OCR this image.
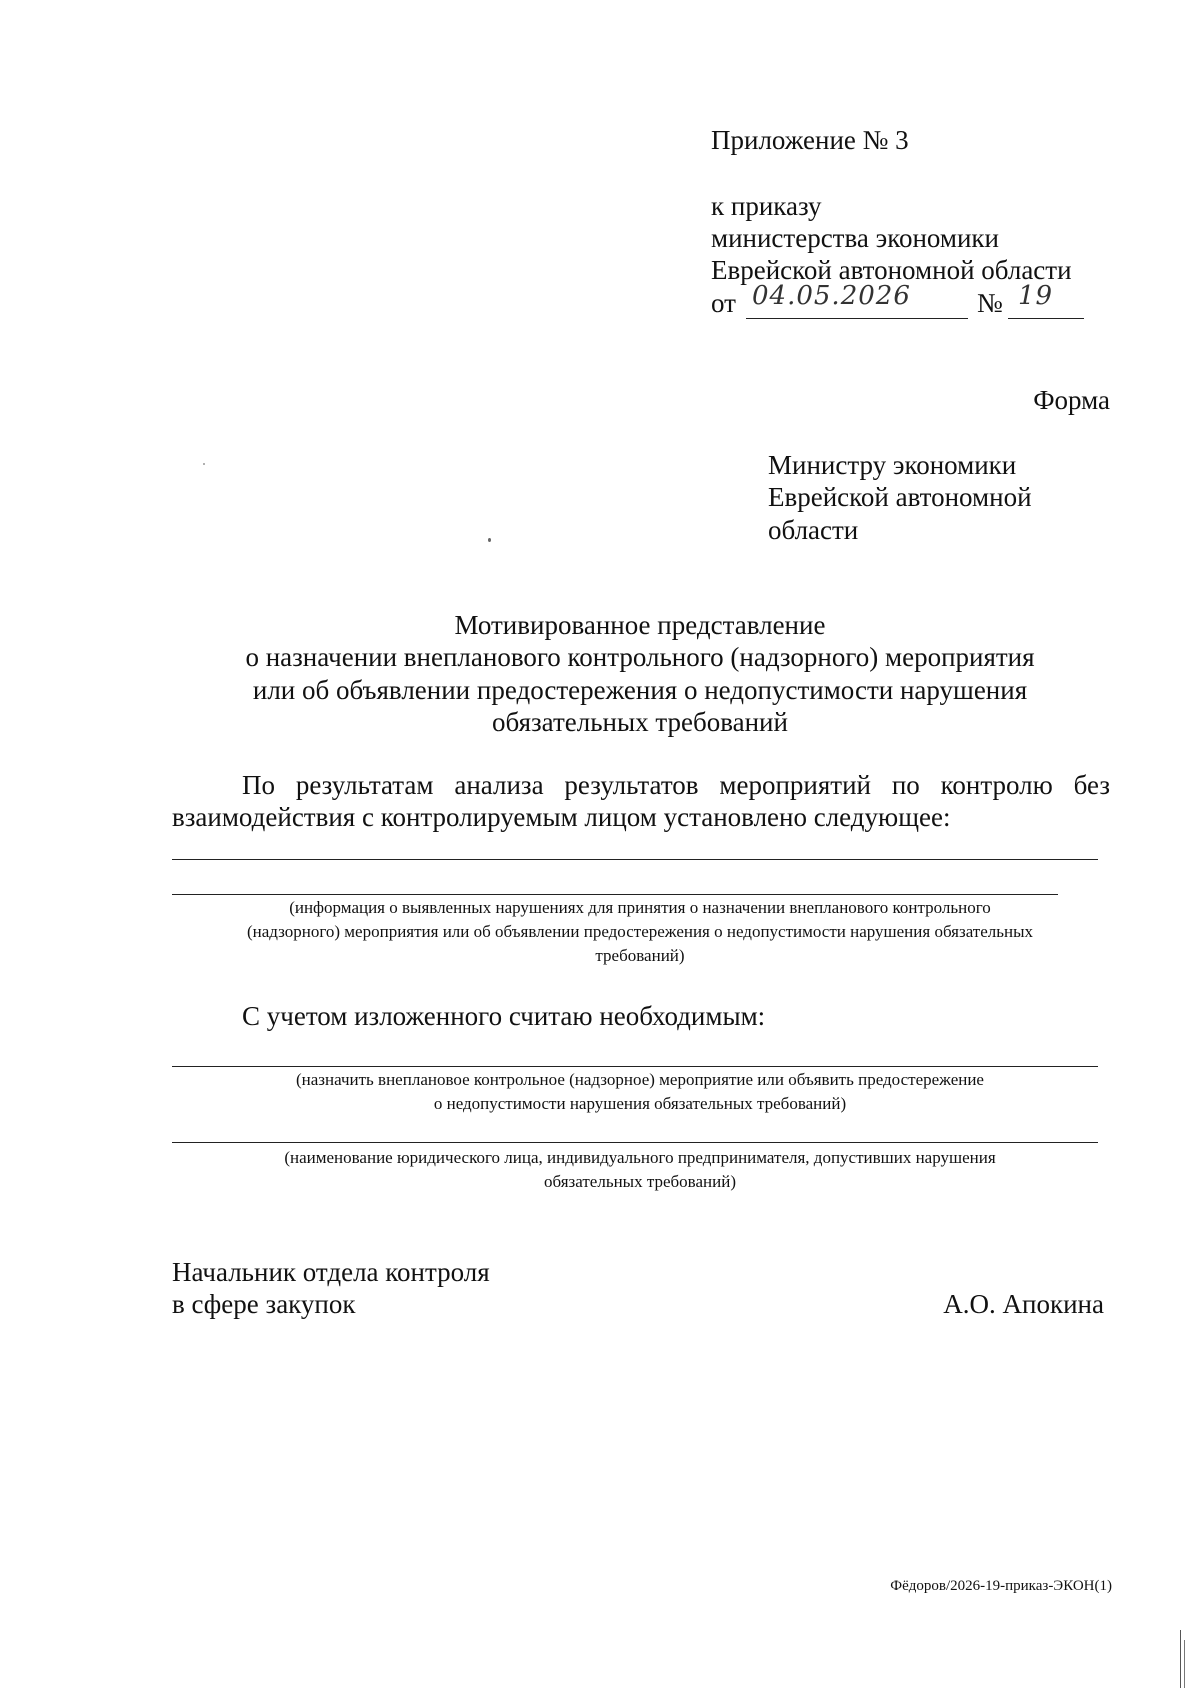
Приложение № 3
к приказу
министерства экономики
Еврейской автономной области
от 04.05.2026 № 19
Форма
Министру экономики
Еврейской автономной
области
Мотивированное представление
о назначении внепланового контрольного (надзорного) мероприятия
или об объявлении предостережения о недопустимости нарушения
обязательных требований
По результатам анализа результатов мероприятий по контролю без
взаимодействия с контролируемым лицом установлено следующее:
(информация о выявленных нарушениях для принятия о назначении внепланового контрольного
(надзорного) мероприятия или об объявлении предостережения о недопустимости нарушения обязательных
требований)
С учетом изложенного считаю необходимым:
(назначить внеплановое контрольное (надзорное) мероприятие или объявить предостережение
о недопустимости нарушения обязательных требований)
(наименование юридического лица, индивидуального предпринимателя, допустивших нарушения
обязательных требований)
Начальник отдела контроля
в сфере закупок	А.О. Апокина
Фёдоров/2026-19-приказ-ЭКОН(1)
